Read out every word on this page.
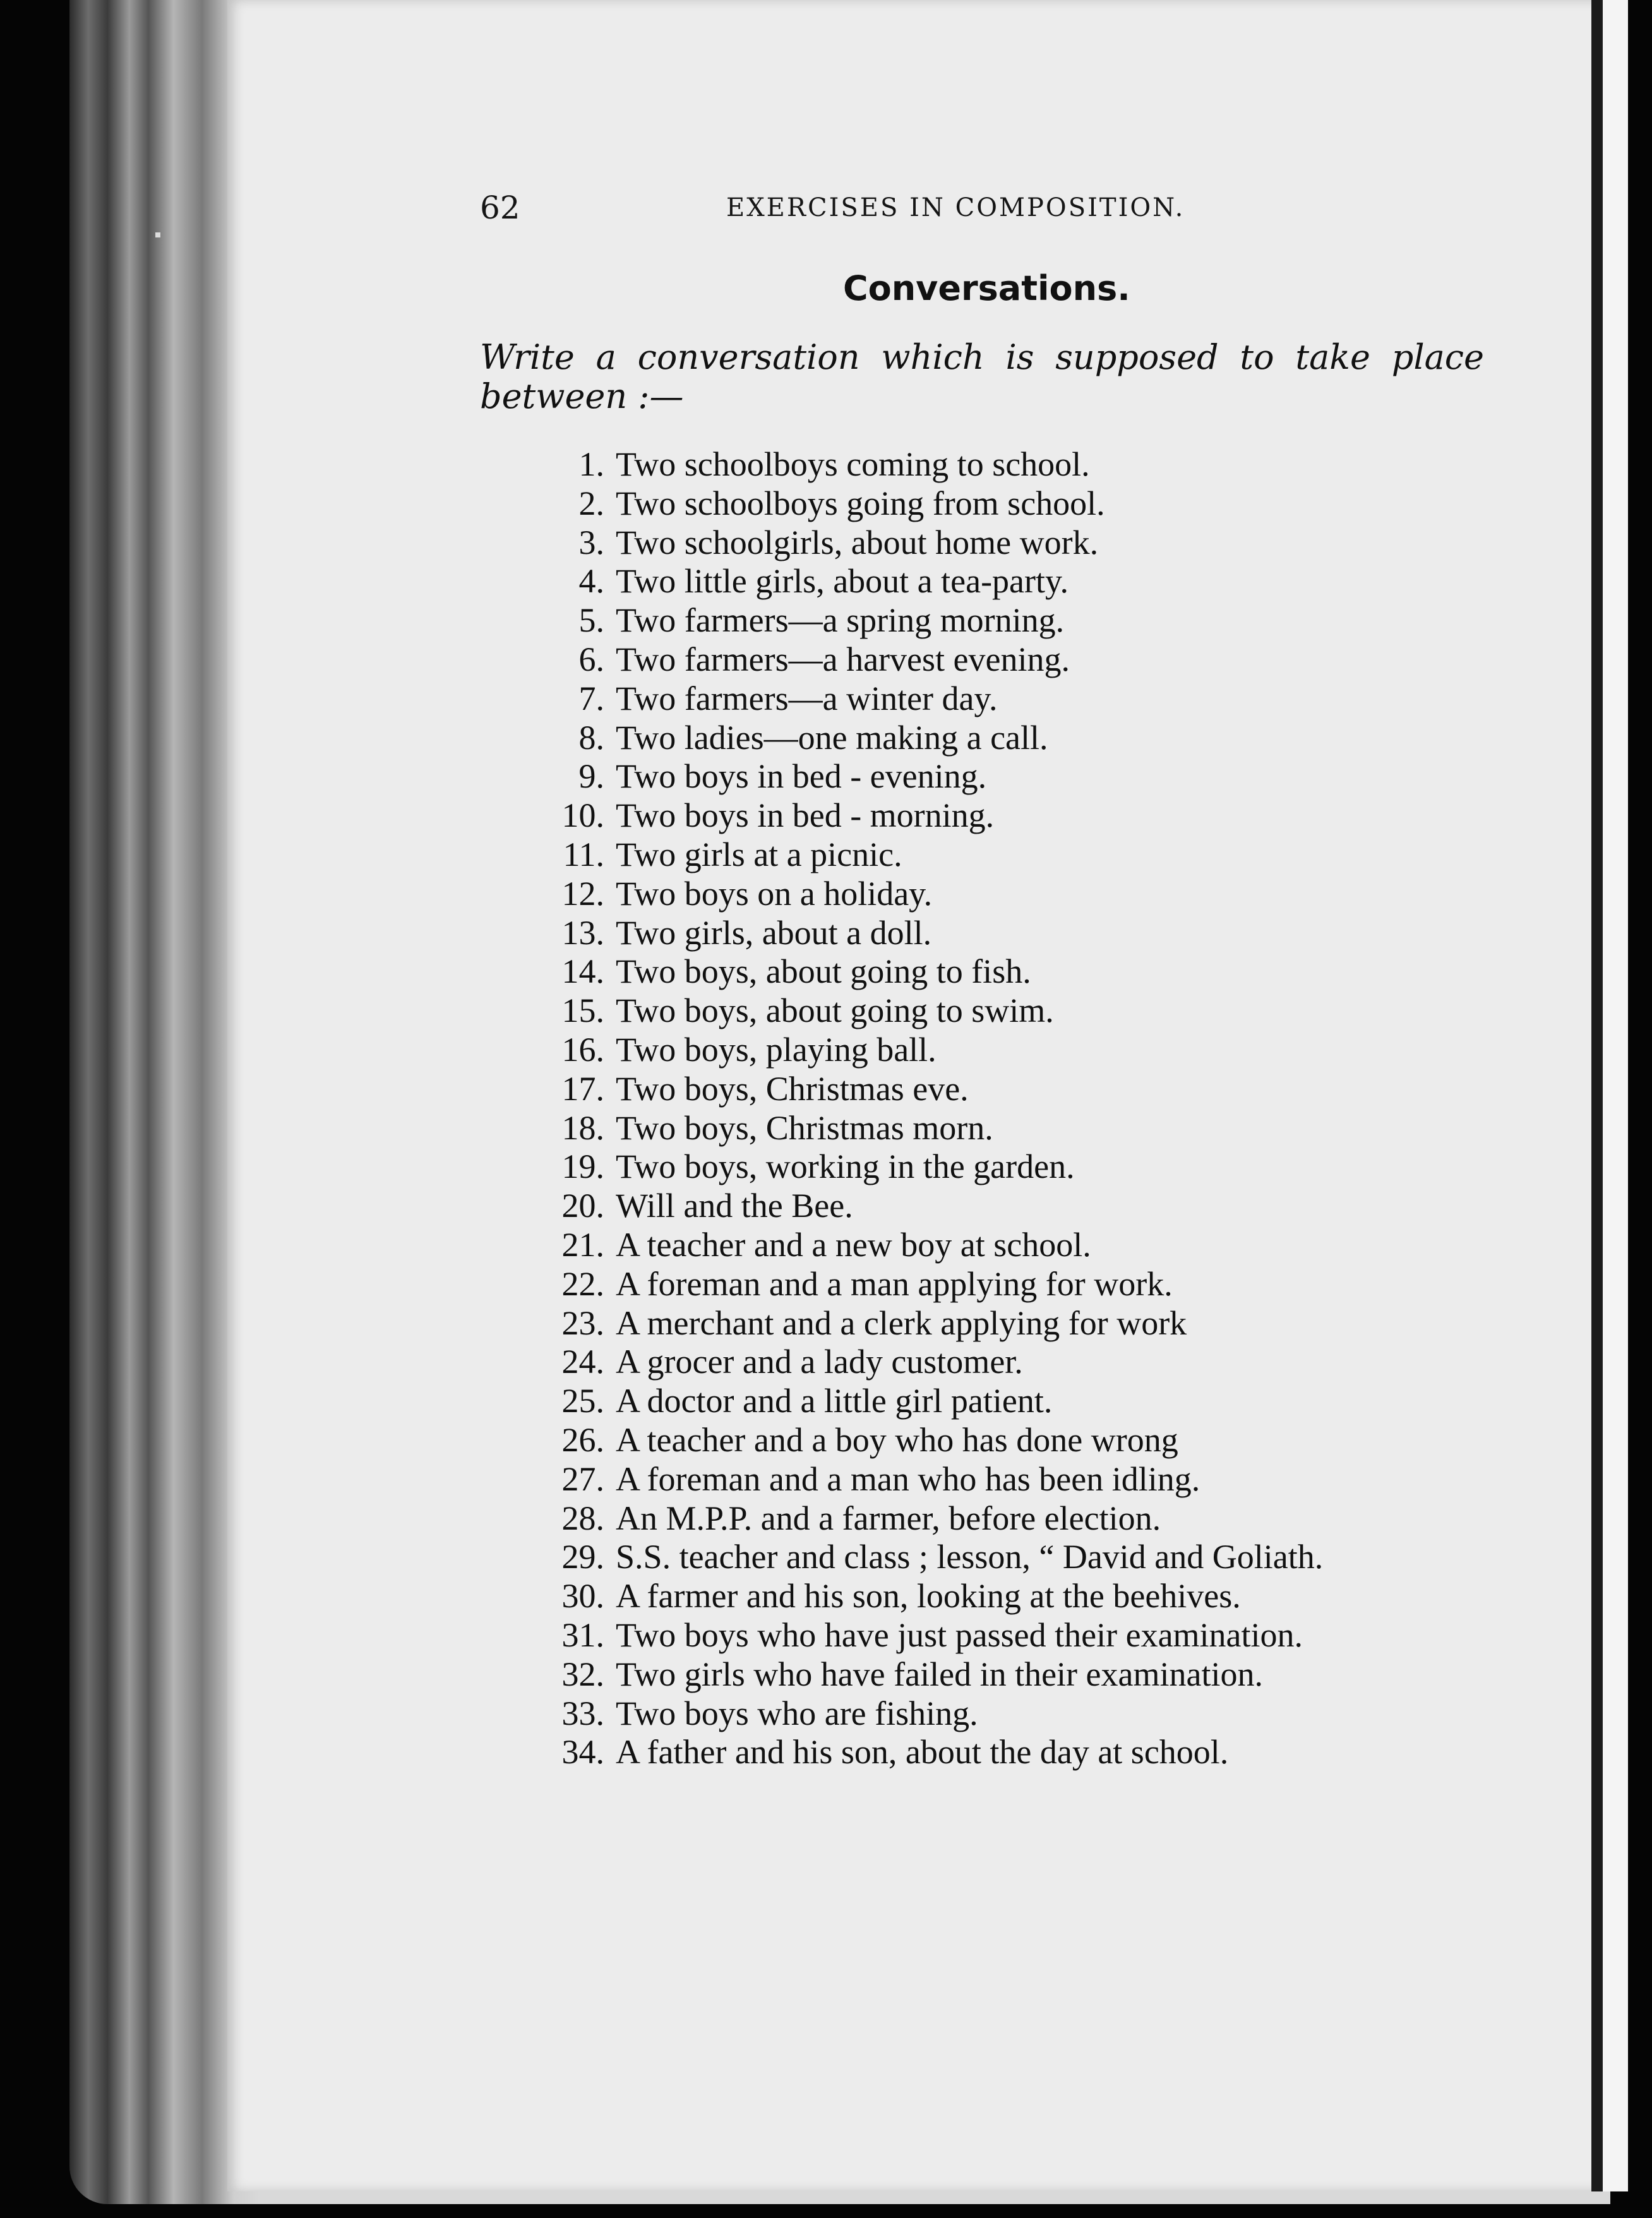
62	EXERCISES IN COMPOSITION.
Conversations.
Write a conversation which is supposed to take place between :—
1. Two schoolboys coming to school.
2. Two schoolboys going from school.
3. Two schoolgirls, about home work.
4. Two little girls, about a tea-party.
5. Two farmers—a spring morning.
6. Two farmers—a harvest evening.
7. Two farmers—a winter day.
8. Two ladies—one making a call.
9. Two boys in bed - evening.
10. Two boys in bed - morning.
11. Two girls at a picnic.
12. Two boys on a holiday.
13. Two girls, about a doll.
14. Two boys, about going to fish.
15. Two boys, about going to swim.
16. Two boys, playing ball.
17. Two boys, Christmas eve.
18. Two boys, Christmas morn.
19. Two boys, working in the garden.
20. Will and the Bee.
21. A teacher and a new boy at school.
22. A foreman and a man applying for work.
23. A merchant and a clerk applying for work
24. A grocer and a lady customer.
25. A doctor and a little girl patient.
26. A teacher and a boy who has done wrong
27. A foreman and a man who has been idling.
28. An M.P.P. and a farmer, before election.
29. S.S. teacher and class ; lesson, “ David and Goliath.
30. A farmer and his son, looking at the beehives.
31. Two boys who have just passed their examination.
32. Two girls who have failed in their examination.
33. Two boys who are fishing.
34. A father and his son, about the day at school.
